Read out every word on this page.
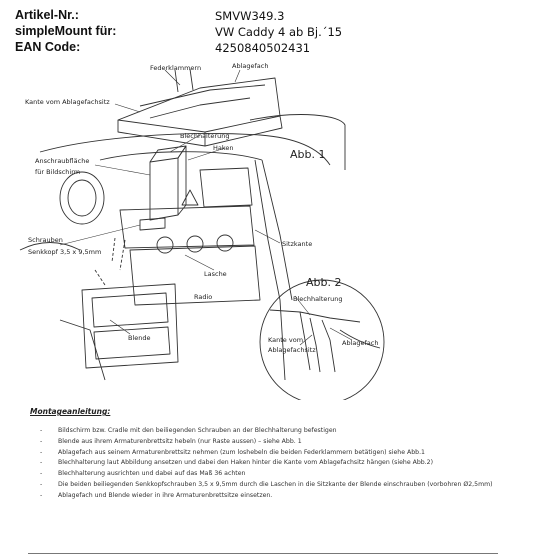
Artikel-Nr.:	SMVW349.3
simpleMount für:	VW Caddy 4 ab Bj.´15
EAN Code:	4250840502431
Federklammern	Ablagefach
Kante vom Ablagefachsitz
Blechhalterung
Haken	Abb. 1
Anschraubfläche
für Bildschirm
Schrauben
Senkkopf 3,5 x 9,5mm
Sitzkante
Lasche
Radio
Blende
Abb. 2
Blechhalterung
Kante vom
Ablagefachsitz
Ablagefach
Montageanleitung:
- Bildschirm bzw. Cradle mit den beiliegenden Schrauben an der Blechhalterung befestigen
- Blende aus ihrem Armaturenbrettsitz hebeln (nur Raste aussen) – siehe Abb. 1
- Ablagefach aus seinem Armaturenbrettsitz nehmen (zum loshebeln die beiden Federklammern betätigen) siehe Abb.1
- Blechhalterung laut Abbildung ansetzen und dabei den Haken hinter die Kante vom Ablagefachsitz hängen (siehe Abb.2)
- Blechhalterung ausrichten und dabei auf das Maß 36 achten
- Die beiden beiliegenden Senkkopfschrauben 3,5 x 9,5mm durch die Laschen in die Sitzkante der Blende einschrauben (vorbohren Ø2,5mm)
- Ablagefach und Blende wieder in ihre Armaturenbrettsitze einsetzen.
